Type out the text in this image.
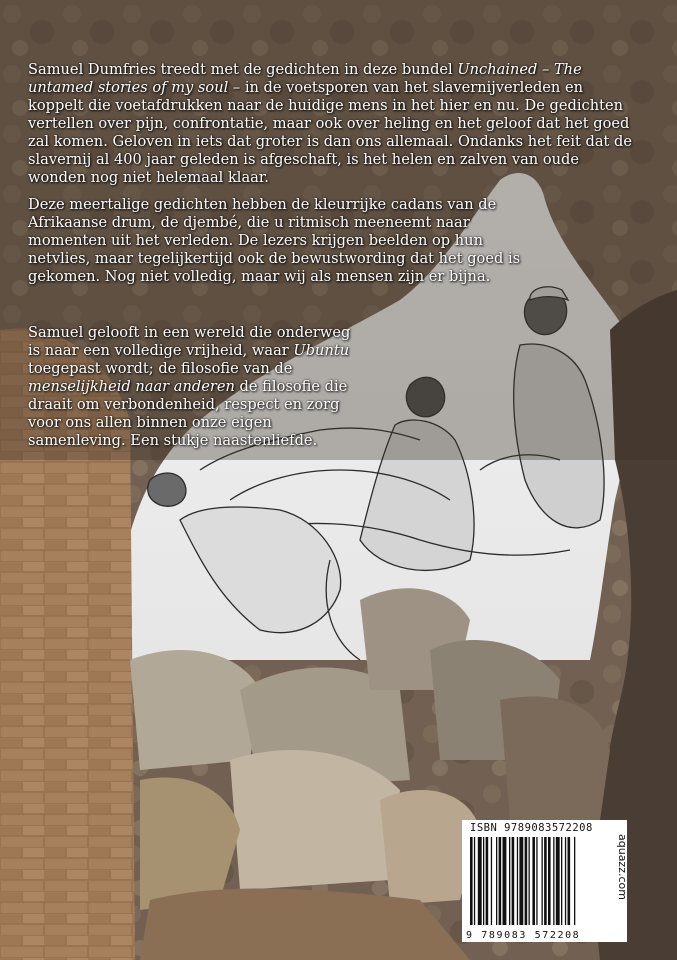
Samuel Dumfries treedt met de gedichten in deze bundel Unchained – The untamed stories of my soul – in de voetsporen van het slavernijverleden en koppelt die voetafdrukken naar de huidige mens in het hier en nu. De gedichten vertellen over pijn, confrontatie, maar ook over heling en het geloof dat het goed zal komen. Geloven in iets dat groter is dan ons allemaal. Ondanks het feit dat de slavernij al 400 jaar geleden is afgeschaft, is het helen en zalven van oude wonden nog niet helemaal klaar.

Deze meertalige gedichten hebben de kleurrijke cadans van de Afrikaanse drum, de djembé, die u ritmisch meeneemt naar momenten uit het verleden. De lezers krijgen beelden op hun netvlies, maar tegelijkertijd ook de bewustwording dat het goed is gekomen. Nog niet volledig, maar wij als mensen zijn er bijna.

Samuel gelooft in een wereld die onderweg is naar een volledige vrijheid, waar Ubuntu toegepast wordt; de filosofie van de menselijkheid naar anderen de filosofie die draait om verbondenheid, respect en zorg voor ons allen binnen onze eigen samenleving. Een stukje naastenliefde.

ISBN 9789083572208
9 789083 572208
aquazz.com
